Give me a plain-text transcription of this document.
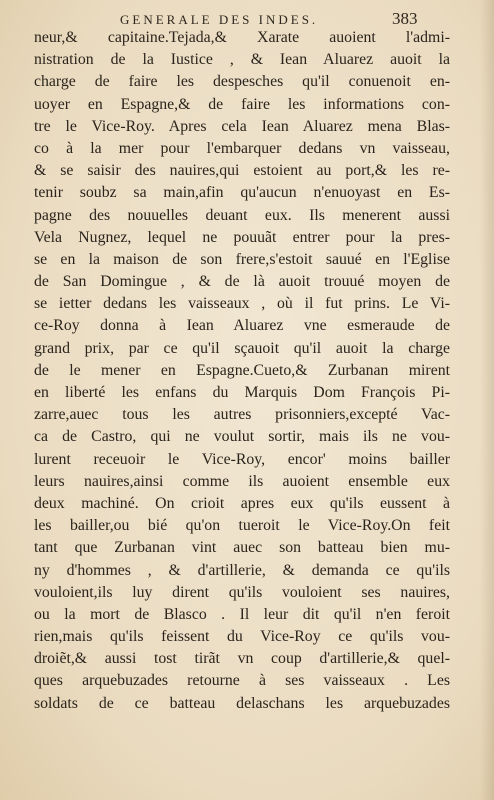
GENERALE DES INDES.	383
neur,& capitaine.Tejada,& Xarate auoient l'admi-
nistration de la Iustice , & Iean Aluarez auoit la
charge de faire les despesches qu'il conuenoit en-
uoyer en Espagne,& de faire les informations con-
tre le Vice-Roy. Apres cela Iean Aluarez mena Blas-
co à la mer pour l'embarquer dedans vn vaisseau,
& se saisir des nauires,qui estoient au port,& les re-
tenir soubz sa main,afin qu'aucun n'enuoyast en Es-
pagne des nouuelles deuant eux. Ils menerent aussi
Vela Nugnez, lequel ne pouuãt entrer pour la pres-
se en la maison de son frere,s'estoit sauué en l'Eglise
de San Domingue , & de là auoit trouué moyen de
se ietter dedans les vaisseaux , où il fut prins. Le Vi-
ce-Roy donna à Iean Aluarez vne esmeraude de
grand prix, par ce qu'il sçauoit qu'il auoit la charge
de le mener en Espagne.Cueto,& Zurbanan mirent
en liberté les enfans du Marquis Dom François Pi-
zarre,auec tous les autres prisonniers,excepté Vac-
ca de Castro, qui ne voulut sortir, mais ils ne vou-
lurent receuoir le Vice-Roy, encor' moins bailler
leurs nauires,ainsi comme ils auoient ensemble eux
deux machiné. On crioit apres eux qu'ils eussent à
les bailler,ou bié qu'on tueroit le Vice-Roy.On feit
tant que Zurbanan vint auec son batteau bien mu-
ny d'hommes , & d'artillerie, & demanda ce qu'ils
vouloient,ils luy dirent qu'ils vouloient ses nauires,
ou la mort de Blasco . Il leur dit qu'il n'en feroit
rien,mais qu'ils feissent du Vice-Roy ce qu'ils vou-
droiẽt,& aussi tost tirãt vn coup d'artillerie,& quel-
ques arquebuzades retourne à ses vaisseaux . Les
soldats de ce batteau delaschans les arquebuzades
